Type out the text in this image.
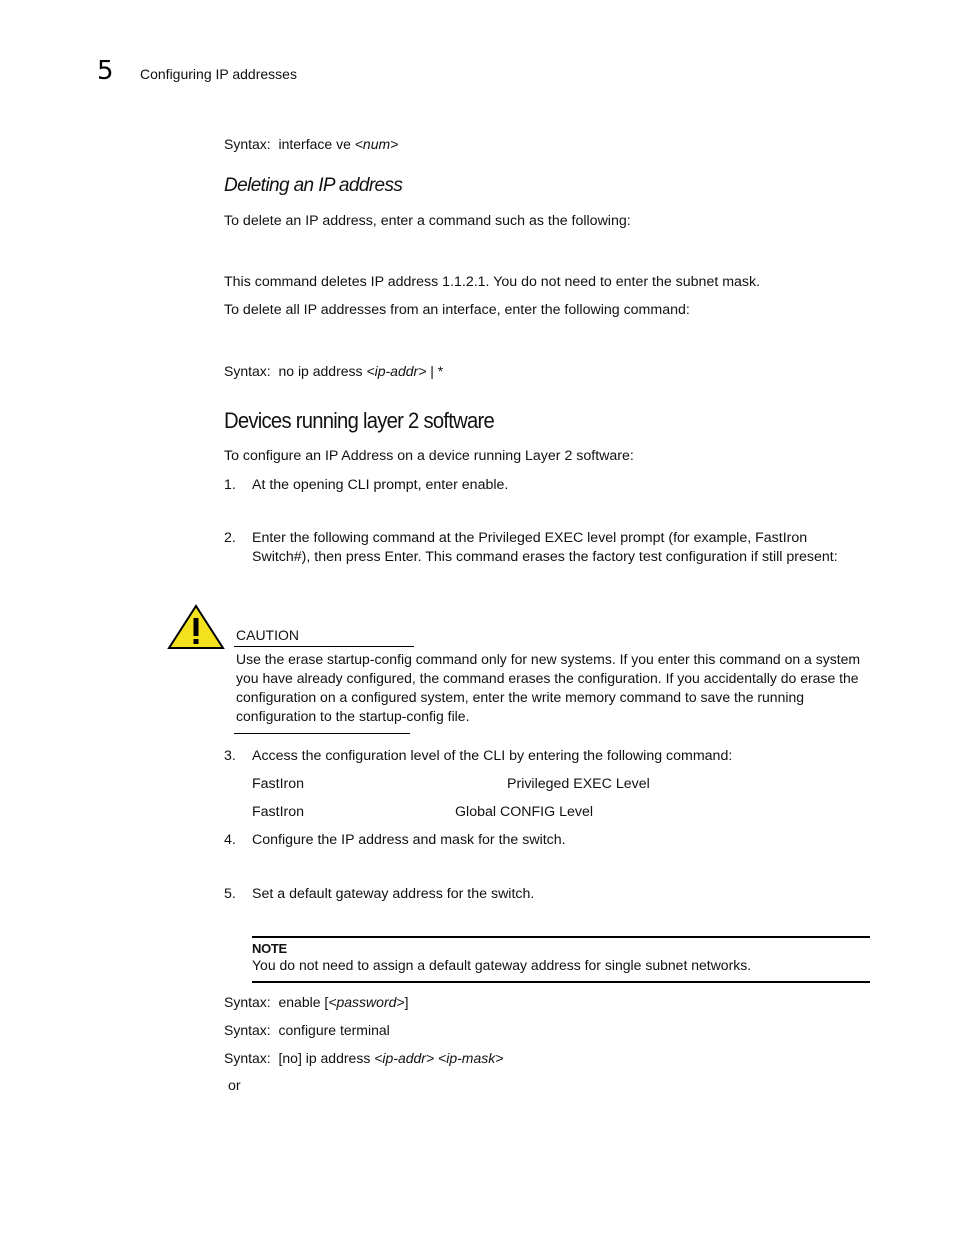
5 Configuring IP addresses
Syntax: interface ve <num>
Deleting an IP address
To delete an IP address, enter a command such as the following:
This command deletes IP address 1.1.2.1. You do not need to enter the subnet mask.
To delete all IP addresses from an interface, enter the following command:
Syntax: no ip address <ip-addr> | *
Devices running layer 2 software
To configure an IP Address on a device running Layer 2 software:
1. At the opening CLI prompt, enter enable.
2. Enter the following command at the Privileged EXEC level prompt (for example, FastIron
Switch#), then press Enter. This command erases the factory test configuration if still present:
CAUTION
Use the erase startup-config command only for new systems. If you enter this command on a system you have already configured, the command erases the configuration. If you accidentally do erase the configuration on a configured system, enter the write memory command to save the running configuration to the startup-config file.
3. Access the configuration level of the CLI by entering the following command:
FastIron	Privileged EXEC Level
FastIron	Global CONFIG Level
4. Configure the IP address and mask for the switch.
5. Set a default gateway address for the switch.
NOTE
You do not need to assign a default gateway address for single subnet networks.
Syntax: enable [<password>]
Syntax: configure terminal
Syntax: [no] ip address <ip-addr> <ip-mask>
or
